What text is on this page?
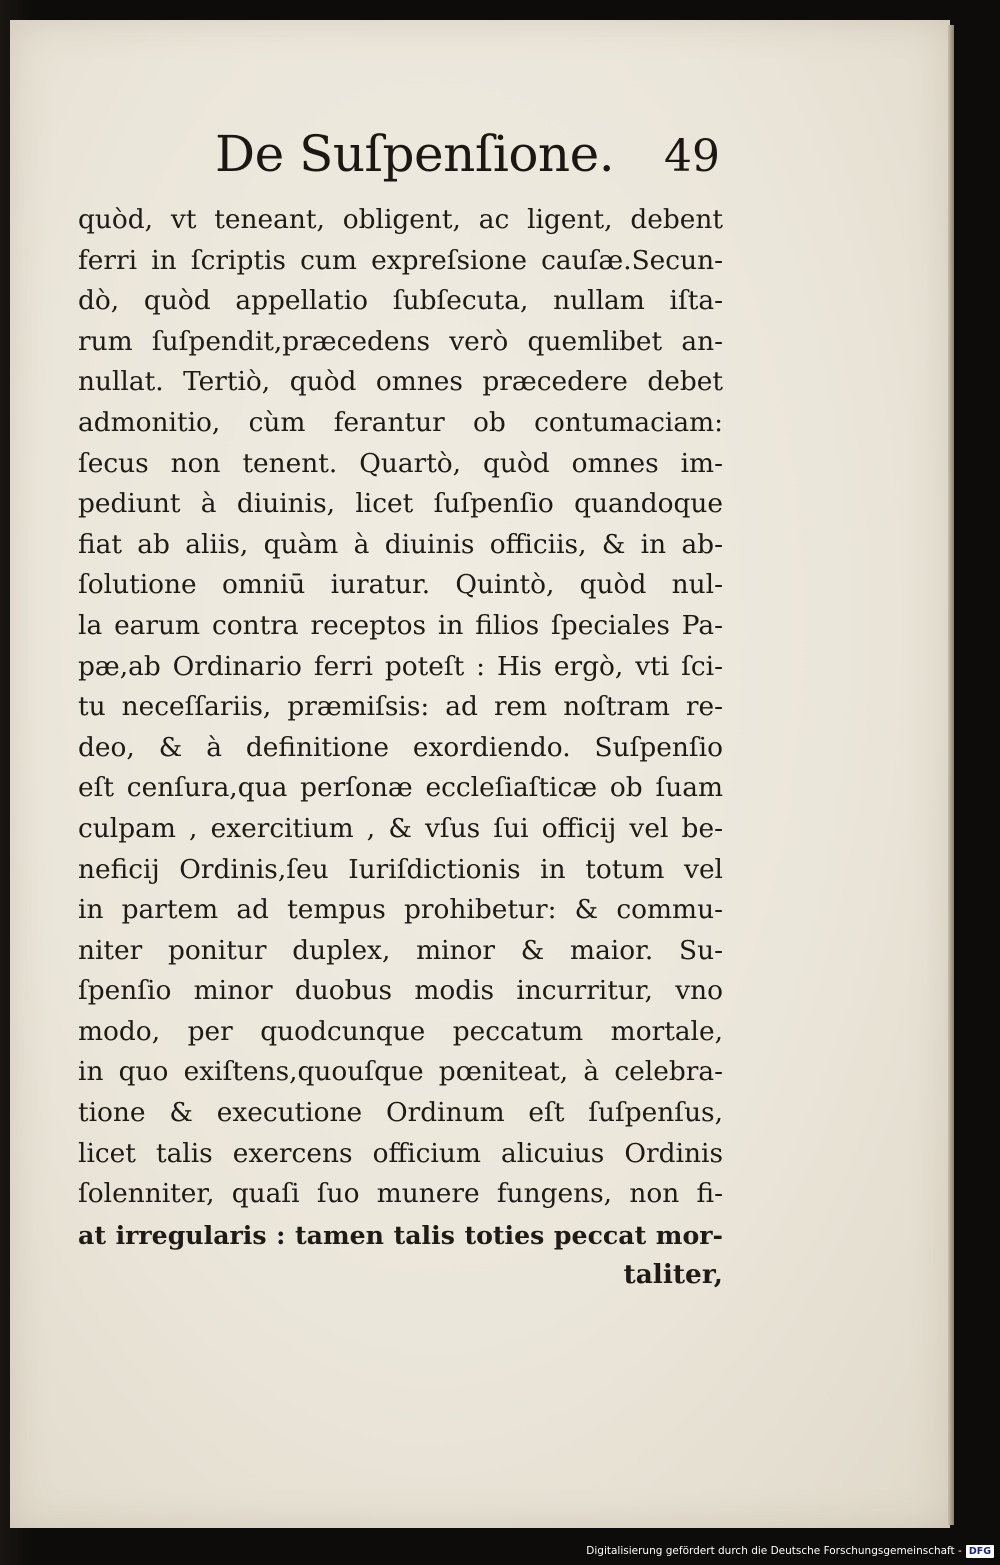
De Suſpenſione. 49
quòd, vt teneant, obligent, ac ligent, debent
ferri in ſcriptis cum expreſsione cauſæ.Secun-
dò, quòd appellatio ſubſecuta, nullam iſta-
rum ſuſpendit,præcedens verò quemlibet an-
nullat. Tertiò, quòd omnes præcedere debet
admonitio, cùm ferantur ob contumaciam:
ſecus non tenent. Quartò, quòd omnes im-
pediunt à diuinis, licet ſuſpenſio quandoque
fiat ab aliis, quàm à diuinis officiis, & in ab-
ſolutione omniū iuratur. Quintò, quòd nul-
la earum contra receptos in filios ſpeciales Pa-
pæ,ab Ordinario ferri poteſt : His ergò, vti ſci-
tu neceſſariis, præmiſsis: ad rem noſtram re-
deo, & à definitione exordiendo. Suſpenſio
eſt cenſura,qua perſonæ eccleſiaſticæ ob ſuam
culpam , exercitium , & vſus ſui officij vel be-
neficij Ordinis,ſeu Iuriſdictionis in totum vel
in partem ad tempus prohibetur: & commu-
niter ponitur duplex, minor & maior. Su-
ſpenſio minor duobus modis incurritur, vno
modo, per quodcunque peccatum mortale,
in quo exiſtens,quouſque pœniteat, à celebra-
tione & executione Ordinum eſt ſuſpenſus,
licet talis exercens officium alicuius Ordinis
ſolenniter, quaſi ſuo munere fungens, non fi-
at irregularis : tamen talis toties peccat mor-
taliter,
Digitalisierung gefördert durch die Deutsche Forschungsgemeinschaft - DFG
